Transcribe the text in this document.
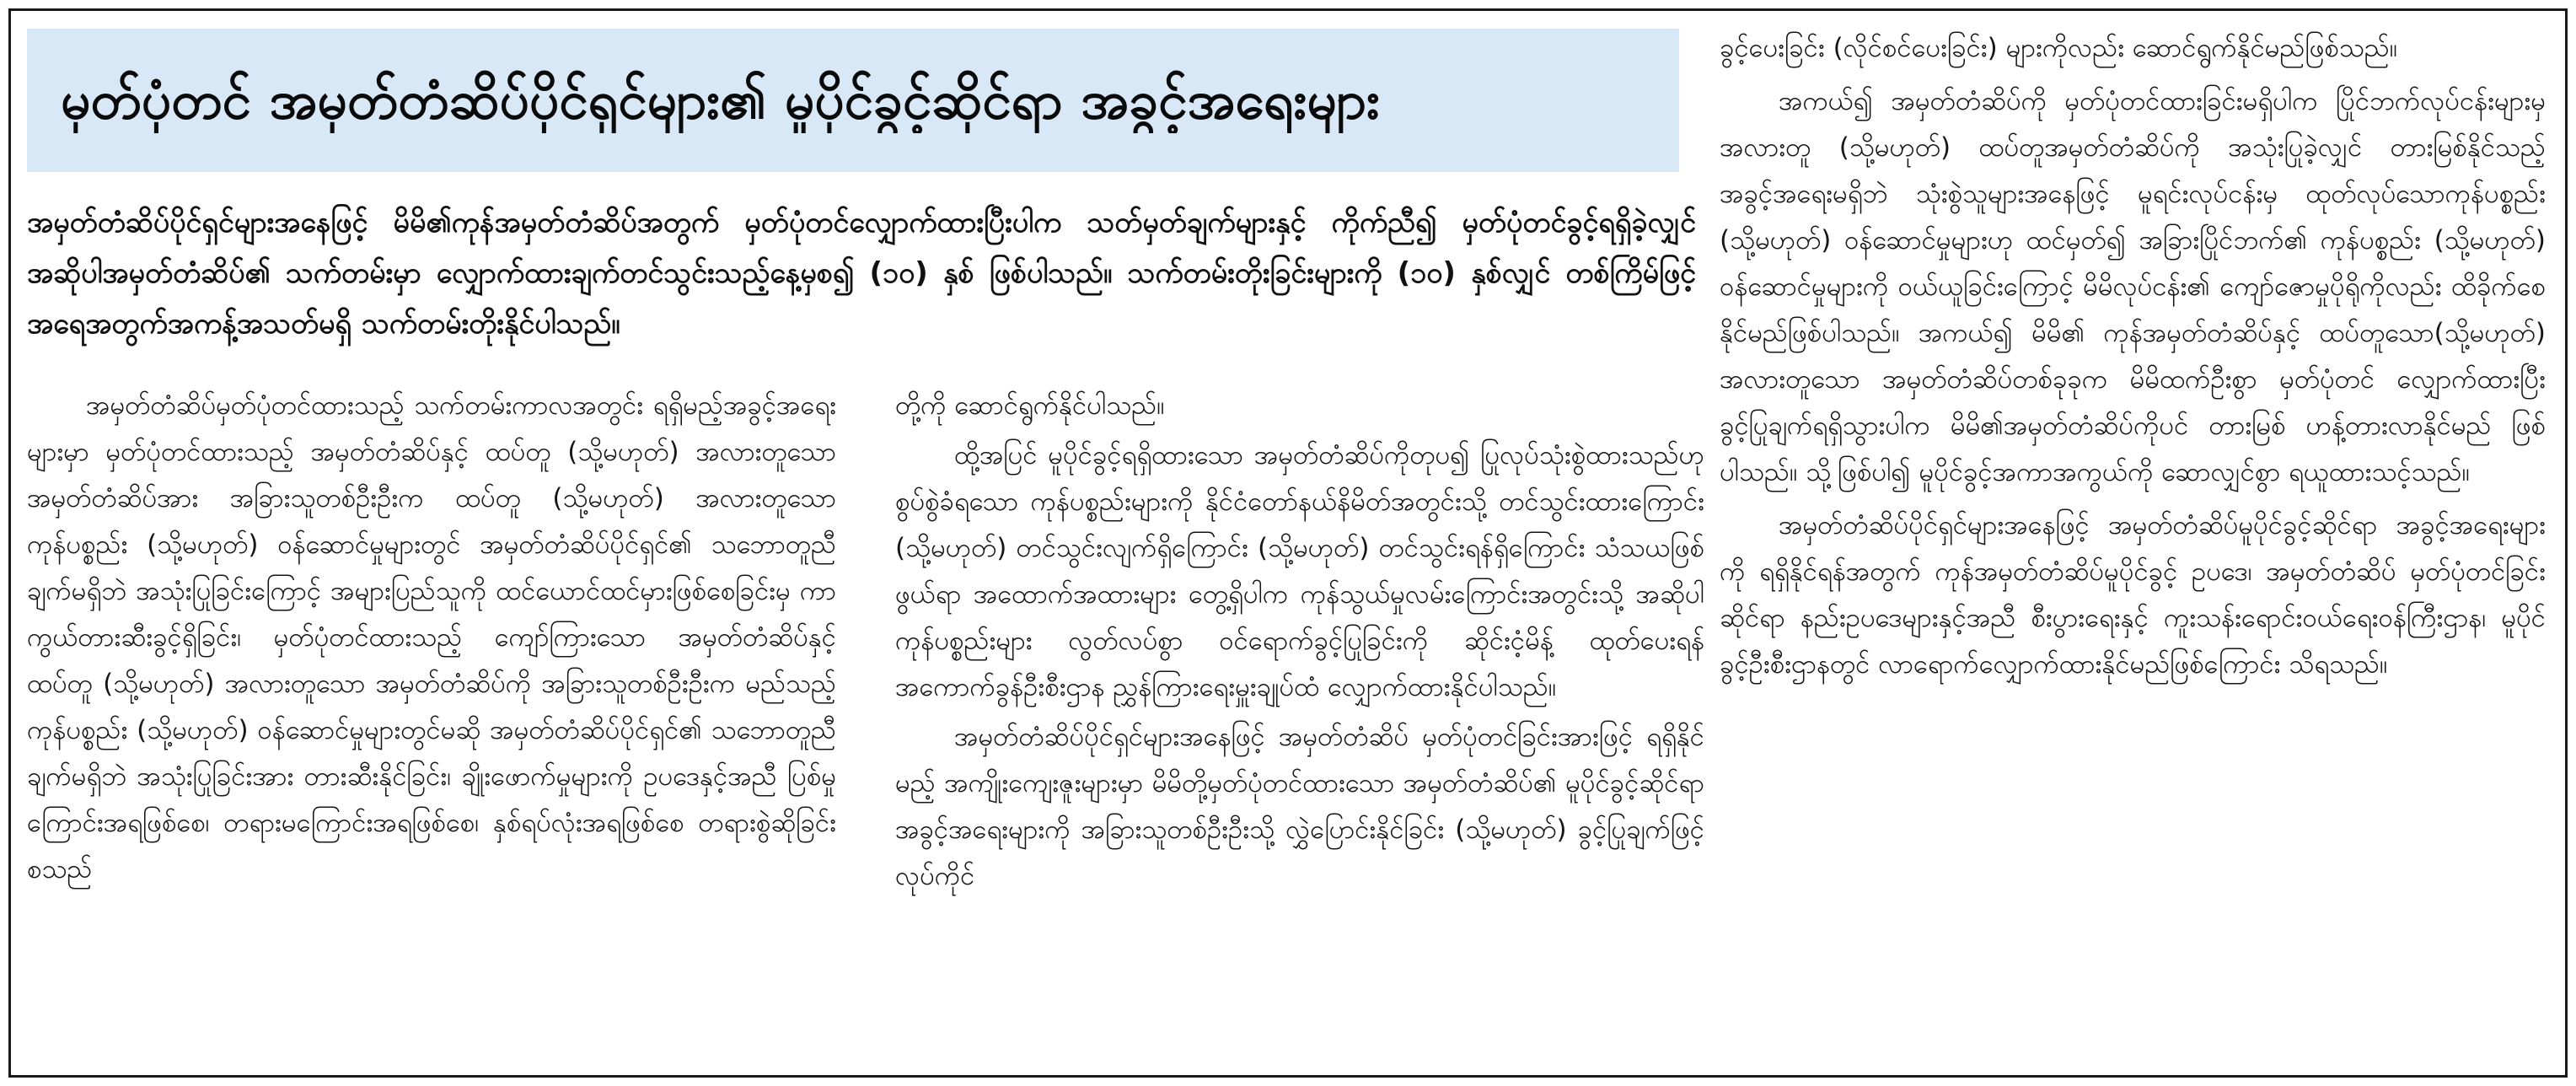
မှတ်ပုံတင် အမှတ်တံဆိပ်ပိုင်ရှင်များ၏ မူပိုင်ခွင့်ဆိုင်ရာ အခွင့်အရေးများ

အမှတ်တံဆိပ်ပိုင်ရှင်များအနေဖြင့် မိမိ၏ကုန်အမှတ်တံဆိပ်အတွက် မှတ်ပုံတင်လျှောက်ထားပြီးပါက သတ်မှတ်ချက်များနှင့် ကိုက်ညီ၍ မှတ်ပုံတင်ခွင့်ရရှိခဲ့လျှင် အဆိုပါအမှတ်တံဆိပ်၏ သက်တမ်းမှာ လျှောက်ထားချက်တင်သွင်းသည့်နေ့မှစ၍ (၁၀) နှစ် ဖြစ်ပါသည်။ သက်တမ်းတိုးခြင်းများကို (၁၀) နှစ်လျှင် တစ်ကြိမ်ဖြင့် အရေအတွက်အကန့်အသတ်မရှိ သက်တမ်းတိုးနိုင်ပါသည်။

အမှတ်တံဆိပ်မှတ်ပုံတင်ထားသည့် သက်တမ်းကာလအတွင်း ရရှိမည့်အခွင့်အရေးများမှာ မှတ်ပုံတင်ထားသည့် အမှတ်တံဆိပ်နှင့် ထပ်တူ (သို့မဟုတ်) အလားတူသော အမှတ်တံဆိပ်အား အခြားသူတစ်ဦးဦးက ထပ်တူ (သို့မဟုတ်) အလားတူသော ကုန်ပစ္စည်း (သို့မဟုတ်) ဝန်ဆောင်မှုများတွင် အမှတ်တံဆိပ်ပိုင်ရှင်၏ သဘောတူညီချက်မရှိဘဲ အသုံးပြုခြင်းကြောင့် အများပြည်သူကို ထင်ယောင်ထင်မှားဖြစ်စေခြင်းမှ ကာကွယ်တားဆီးခွင့်ရှိခြင်း၊ မှတ်ပုံတင်ထားသည့် ကျော်ကြားသော အမှတ်တံဆိပ်နှင့် ထပ်တူ (သို့မဟုတ်) အလားတူသော အမှတ်တံဆိပ်ကို အခြားသူတစ်ဦးဦးက မည်သည့်ကုန်ပစ္စည်း (သို့မဟုတ်) ဝန်ဆောင်မှုများတွင်မဆို အမှတ်တံဆိပ်ပိုင်ရှင်၏ သဘောတူညီချက်မရှိဘဲ အသုံးပြုခြင်းအား တားဆီးနိုင်ခြင်း၊ ချိုးဖောက်မှုများကို ဥပဒေနှင့်အညီ ပြစ်မှုကြောင်းအရဖြစ်စေ၊ တရားမကြောင်းအရဖြစ်စေ၊ နှစ်ရပ်လုံးအရဖြစ်စေ တရားစွဲဆိုခြင်း စသည်

တို့ကို ဆောင်ရွက်နိုင်ပါသည်။

ထို့အပြင် မူပိုင်ခွင့်ရရှိထားသော အမှတ်တံဆိပ်ကိုတုပ၍ ပြုလုပ်သုံးစွဲထားသည်ဟု စွပ်စွဲခံရသော ကုန်ပစ္စည်းများကို နိုင်ငံတော်နယ်နိမိတ်အတွင်းသို့ တင်သွင်းထားကြောင်း (သို့မဟုတ်) တင်သွင်းလျက်ရှိကြောင်း (သို့မဟုတ်) တင်သွင်းရန်ရှိကြောင်း သံသယဖြစ်ဖွယ်ရာ အထောက်အထားများ တွေ့ရှိပါက ကုန်သွယ်မှုလမ်းကြောင်းအတွင်းသို့ အဆိုပါကုန်ပစ္စည်းများ လွတ်လပ်စွာ ဝင်ရောက်ခွင့်ပြုခြင်းကို ဆိုင်းငံ့မိန့် ထုတ်ပေးရန် အကောက်ခွန်ဦးစီးဌာန ညွှန်ကြားရေးမှူးချုပ်ထံ လျှောက်ထားနိုင်ပါသည်။

အမှတ်တံဆိပ်ပိုင်ရှင်များအနေဖြင့် အမှတ်တံဆိပ် မှတ်ပုံတင်ခြင်းအားဖြင့် ရရှိနိုင်မည့် အကျိုးကျေးဇူးများမှာ မိမိတို့မှတ်ပုံတင်ထားသော အမှတ်တံဆိပ်၏ မူပိုင်ခွင့်ဆိုင်ရာ အခွင့်အရေးများကို အခြားသူတစ်ဦးဦးသို့ လွှဲပြောင်းနိုင်ခြင်း (သို့မဟုတ်) ခွင့်ပြုချက်ဖြင့် လုပ်ကိုင်

ခွင့်ပေးခြင်း (လိုင်စင်ပေးခြင်း) များကိုလည်း ဆောင်ရွက်နိုင်မည်ဖြစ်သည်။

အကယ်၍ အမှတ်တံဆိပ်ကို မှတ်ပုံတင်ထားခြင်းမရှိပါက ပြိုင်ဘက်လုပ်ငန်းများမှ အလားတူ (သို့မဟုတ်) ထပ်တူအမှတ်တံဆိပ်ကို အသုံးပြုခဲ့လျှင် တားမြစ်နိုင်သည့် အခွင့်အရေးမရှိဘဲ သုံးစွဲသူများအနေဖြင့် မူရင်းလုပ်ငန်းမှ ထုတ်လုပ်သောကုန်ပစ္စည်း (သို့မဟုတ်) ဝန်ဆောင်မှုများဟု ထင်မှတ်၍ အခြားပြိုင်ဘက်၏ ကုန်ပစ္စည်း (သို့မဟုတ်) ဝန်ဆောင်မှုများကို ဝယ်ယူခြင်းကြောင့် မိမိလုပ်ငန်း၏ ကျော်ဇောမှုပိုရိုကိုလည်း ထိခိုက်စေနိုင်မည်ဖြစ်ပါသည်။ အကယ်၍ မိမိ၏ ကုန်အမှတ်တံဆိပ်နှင့် ထပ်တူသော(သို့မဟုတ်) အလားတူသော အမှတ်တံဆိပ်တစ်ခုခုက မိမိထက်ဦးစွာ မှတ်ပုံတင် လျှောက်ထားပြီး ခွင့်ပြုချက်ရရှိသွားပါက မိမိ၏အမှတ်တံဆိပ်ကိုပင် တားမြစ် ဟန့်တားလာနိုင်မည် ဖြစ်ပါသည်။ သို့ဖြစ်ပါ၍ မူပိုင်ခွင့်အကာအကွယ်ကို ဆောလျှင်စွာ ရယူထားသင့်သည်။

အမှတ်တံဆိပ်ပိုင်ရှင်များအနေဖြင့် အမှတ်တံဆိပ်မူပိုင်ခွင့်ဆိုင်ရာ အခွင့်အရေးများကို ရရှိနိုင်ရန်အတွက် ကုန်အမှတ်တံဆိပ်မူပိုင်ခွင့် ဥပဒေ၊ အမှတ်တံဆိပ် မှတ်ပုံတင်ခြင်းဆိုင်ရာ နည်းဥပဒေများနှင့်အညီ စီးပွားရေးနှင့် ကူးသန်းရောင်းဝယ်ရေးဝန်ကြီးဌာန၊ မူပိုင်ခွင့်ဦးစီးဌာနတွင် လာရောက်လျှောက်ထားနိုင်မည်ဖြစ်ကြောင်း သိရသည်။
